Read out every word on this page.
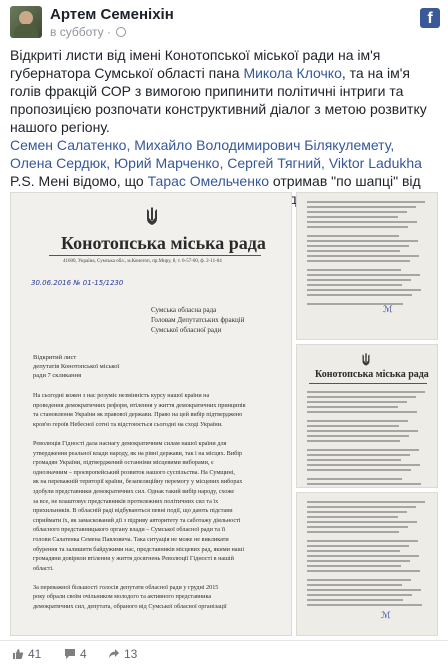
Артем Семеніхін
в субботу ·
f

Відкриті листи від імені Конотопської міської ради на ім'я губернатора Сумської області пана Микола Клочко, та на ім'я голів фракцій СОР з вимогою припинити політичні інтриги та пропозицією розпочати конструктивний діалог з метою розвитку нашого регіону.

Семен Салатенко, Михайло Володимирович Білякулемету, Олена Сердюк, Юрий Марченко, Сергей Тягний, Viktor Ladukha

P.S. Мені відомо, що Тарас Омельченко отримав "по шапці" від

Конотопська міська рада
41600, Україна, Сумська обл., м.Конотоп, пр.Миру, 8, т. 6-57-00, ф. 2-11-04
30.06.2016 № 01-15/1230
Сумська обласна рада
Головам Депутатських фракцій
Сумської обласної ради
Відкритий лист
депутатів Конотопської міської
ради 7 скликання
На сьогодні кожен з нас розуміє незмінність курсу нашої країни на
проведення демократичних реформ, втілення у життя демократичних принципів
та становлення України як правової держави. Право на цей вибір підтверджено
кров'ю героїв Небесної сотні та відстоюється сьогодні на сході України.

Революція Гідності дала наснагу демократичним силам нашої країни для
утвердження реальної влади народу, як на рівні держави, так і на місцях. Вибір
громадян України, підтверджений останніми місцевими виборами, є
однозначним – проєвропейський розвиток нашого суспільства. На Сумщині,
як на переважній території країни, безапеляційну перемогу у місцевих виборах
здобули представники демократичних сил. Однак такий вибір народу, схоже
за все, не влаштовує представників протилежних політичних сил та їх
прихильників. В обласній раді відбуваються певні події, що дають підстави
сприймати їх, як замаскований дії з підриву авторитету та саботажу діяльності
обласного представницького органу влади – Сумської обласної ради та її
голови Салатенка Семена Павловича. Така ситуація не може не викликати
обурення та залишити байдужими нас, представників місцевих рад, якими наші
громадяни довірили втілення у життя досягнень Революції Гідності в нашій
області.

За переважної більшості голосів депутати обласної ради у грудні 2015
року обрали своїм очільником молодого та активного представника
демократичних сил, депутата, обраного від Сумської обласної організації
ℳ
Конотопська міська рада
ℳ
41	4	13
